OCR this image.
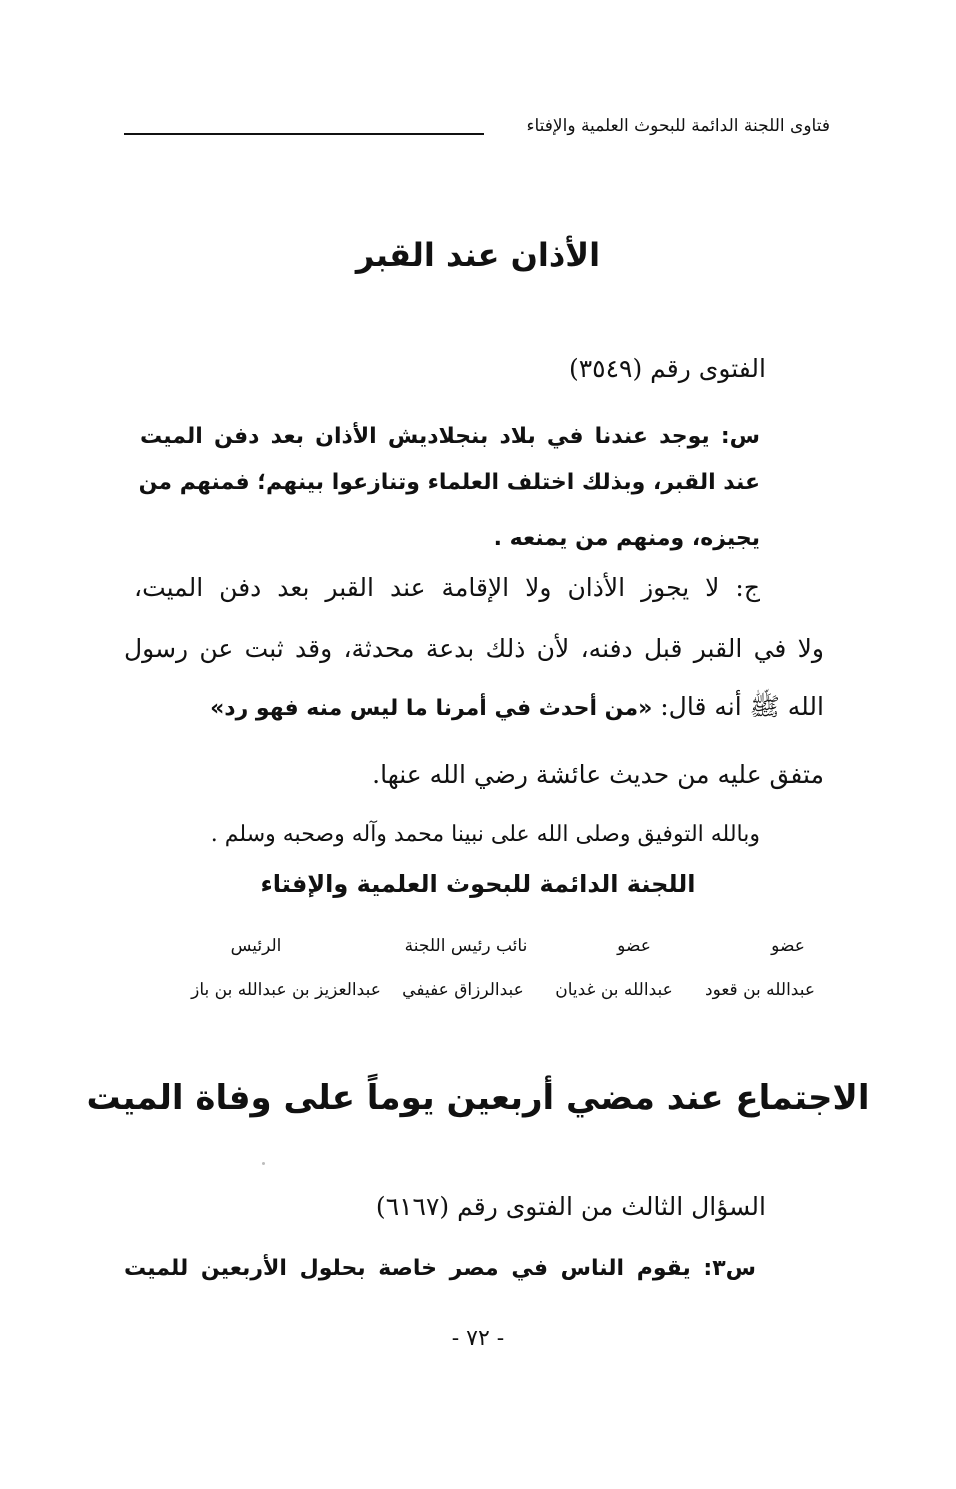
فتاوى اللجنة الدائمة للبحوث العلمية والإفتاء
الأذان عند القبر
الفتوى رقم (٣٥٤٩)
س: يوجد عندنا في بلاد بنجلاديش الأذان بعد دفن الميت
عند القبر، وبذلك اختلف العلماء وتنازعوا بينهم؛ فمنهم من
يجيزه، ومنهم من يمنعه .
ج: لا يجوز الأذان ولا الإقامة عند القبر بعد دفن الميت،
ولا في القبر قبل دفنه، لأن ذلك بدعة محدثة، وقد ثبت عن رسول
الله ﷺ أنه قال: «من أحدث في أمرنا ما ليس منه فهو رد»
متفق عليه من حديث عائشة رضي الله عنها.
وبالله التوفيق وصلى الله على نبينا محمد وآله وصحبه وسلم .
اللجنة الدائمة للبحوث العلمية والإفتاء
عضو
عضو
نائب رئيس اللجنة
الرئيس
عبدالله بن قعود
عبدالله بن غديان
عبدالرزاق عفيفي
عبدالعزيز بن عبدالله بن باز
الاجتماع عند مضي أربعين يوماً على وفاة الميت
السؤال الثالث من الفتوى رقم (٦١٦٧)
س٣: يقوم الناس في مصر خاصة بحلول الأربعين للميت
- ٧٢ -
